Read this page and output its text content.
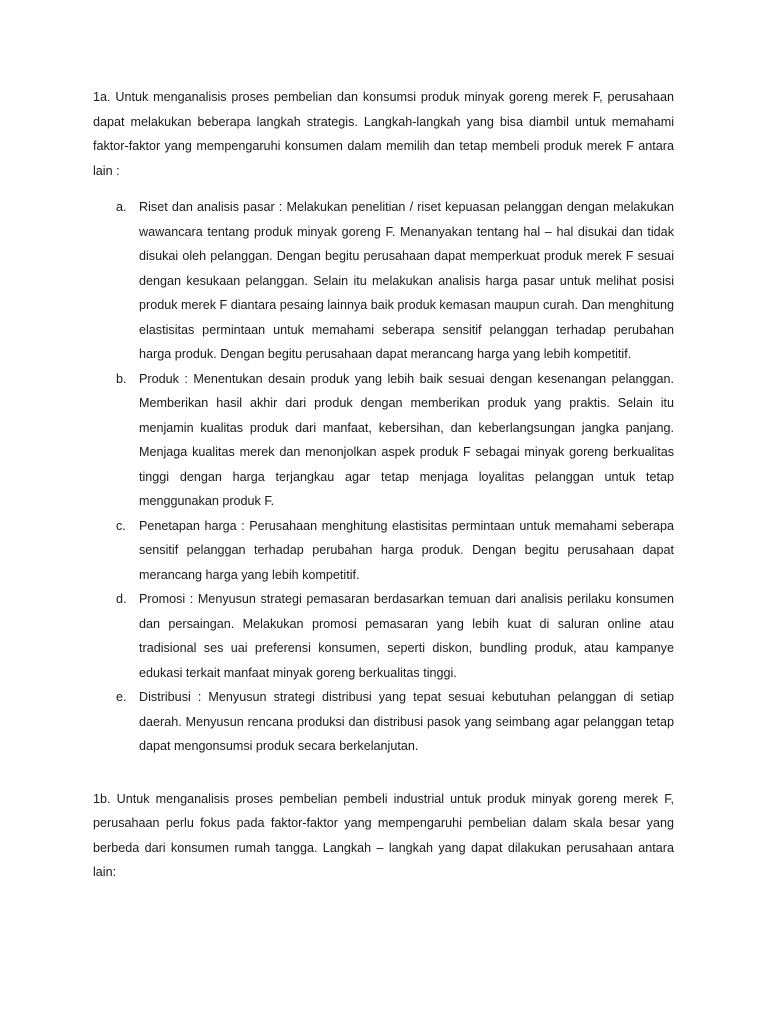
1a. Untuk menganalisis proses pembelian dan konsumsi produk minyak goreng merek F, perusahaan dapat melakukan beberapa langkah strategis. Langkah-langkah yang bisa diambil untuk memahami faktor-faktor yang mempengaruhi konsumen dalam memilih dan tetap membeli produk merek F antara lain :

a. Riset dan analisis pasar : Melakukan penelitian / riset kepuasan pelanggan dengan melakukan wawancara tentang produk minyak goreng F. Menanyakan tentang hal – hal disukai dan tidak disukai oleh pelanggan. Dengan begitu perusahaan dapat memperkuat produk merek F sesuai dengan kesukaan pelanggan. Selain itu melakukan analisis harga pasar untuk melihat posisi produk merek F diantara pesaing lainnya baik produk kemasan maupun curah. Dan menghitung elastisitas permintaan untuk memahami seberapa sensitif pelanggan terhadap perubahan harga produk. Dengan begitu perusahaan dapat merancang harga yang lebih kompetitif.
b. Produk : Menentukan desain produk yang lebih baik sesuai dengan kesenangan pelanggan. Memberikan hasil akhir dari produk dengan memberikan produk yang praktis. Selain itu menjamin kualitas produk dari manfaat, kebersihan, dan keberlangsungan jangka panjang. Menjaga kualitas merek dan menonjolkan aspek produk F sebagai minyak goreng berkualitas tinggi dengan harga terjangkau agar tetap menjaga loyalitas pelanggan untuk tetap menggunakan produk F.
c. Penetapan harga : Perusahaan menghitung elastisitas permintaan untuk memahami seberapa sensitif pelanggan terhadap perubahan harga produk. Dengan begitu perusahaan dapat merancang harga yang lebih kompetitif.
d. Promosi : Menyusun strategi pemasaran berdasarkan temuan dari analisis perilaku konsumen dan persaingan. Melakukan promosi pemasaran yang lebih kuat di saluran online atau tradisional ses uai preferensi konsumen, seperti diskon, bundling produk, atau kampanye edukasi terkait manfaat minyak goreng berkualitas tinggi.
e. Distribusi : Menyusun strategi distribusi yang tepat sesuai kebutuhan pelanggan di setiap daerah. Menyusun rencana produksi dan distribusi pasok yang seimbang agar pelanggan tetap dapat mengonsumsi produk secara berkelanjutan.

1b. Untuk menganalisis proses pembelian pembeli industrial untuk produk minyak goreng merek F, perusahaan perlu fokus pada faktor-faktor yang mempengaruhi pembelian dalam skala besar yang berbeda dari konsumen rumah tangga. Langkah – langkah yang dapat dilakukan perusahaan antara lain:
